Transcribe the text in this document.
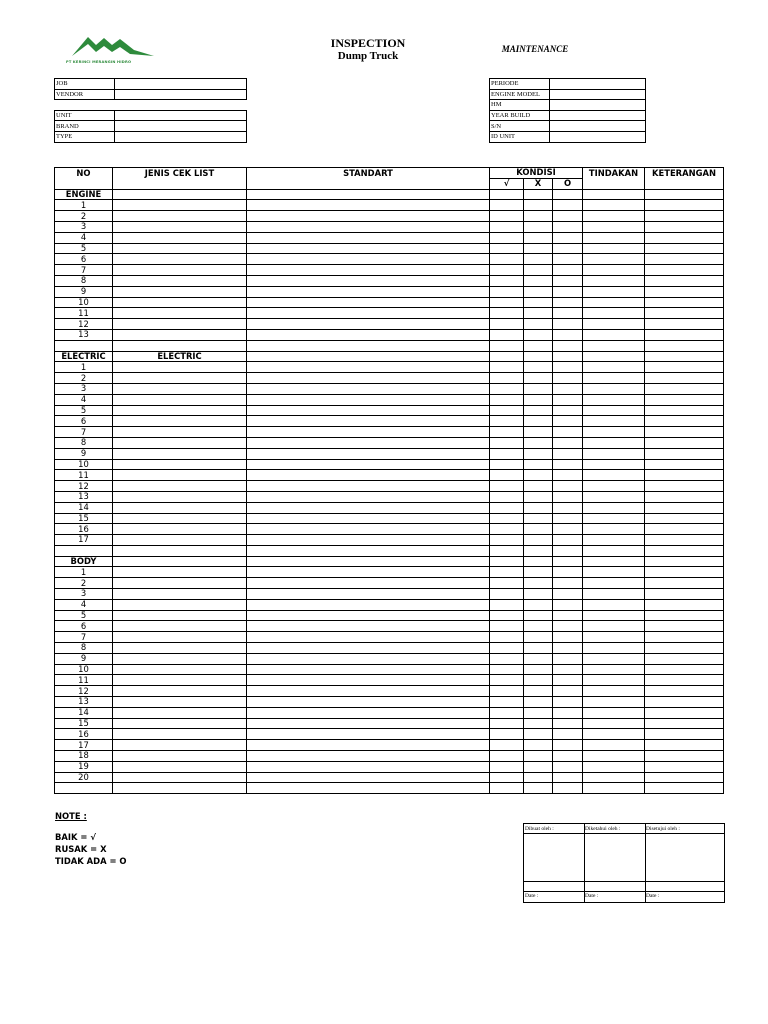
PT KERINCI MERANGIN HIDRO
INSPECTION
Dump Truck
MAINTENANCE
JOB	
VENDOR	

UNIT	
BRAND	
TYPE	
PERIODE	
ENGINE MODEL	
HM	
YEAR BUILD	
S/N	
ID UNIT	
NO	JENIS CEK LIST	STANDART	KONDISI			TINDAKAN	KETERANGAN
			√	X	O		
ENGINE							
1							
2							
3							
4							
5							
6							
7							
8							
9							
10							
11							
12							
13							

ELECTRIC	ELECTRIC						
1							
2							
3							
4							
5							
6							
7							
8							
9							
10							
11							
12							
13							
14							
15							
16							
17							

BODY							
1							
2							
3							
4							
5							
6							
7							
8							
9							
10							
11							
12							
13							
14							
15							
16							
17							
18							
19							
20							

NOTE :
BAIK = √
RUSAK = X
TIDAK ADA = O
Dibuat oleh :
Date :
Diketahui oleh :
Date :
Disetujui oleh :
Date :
